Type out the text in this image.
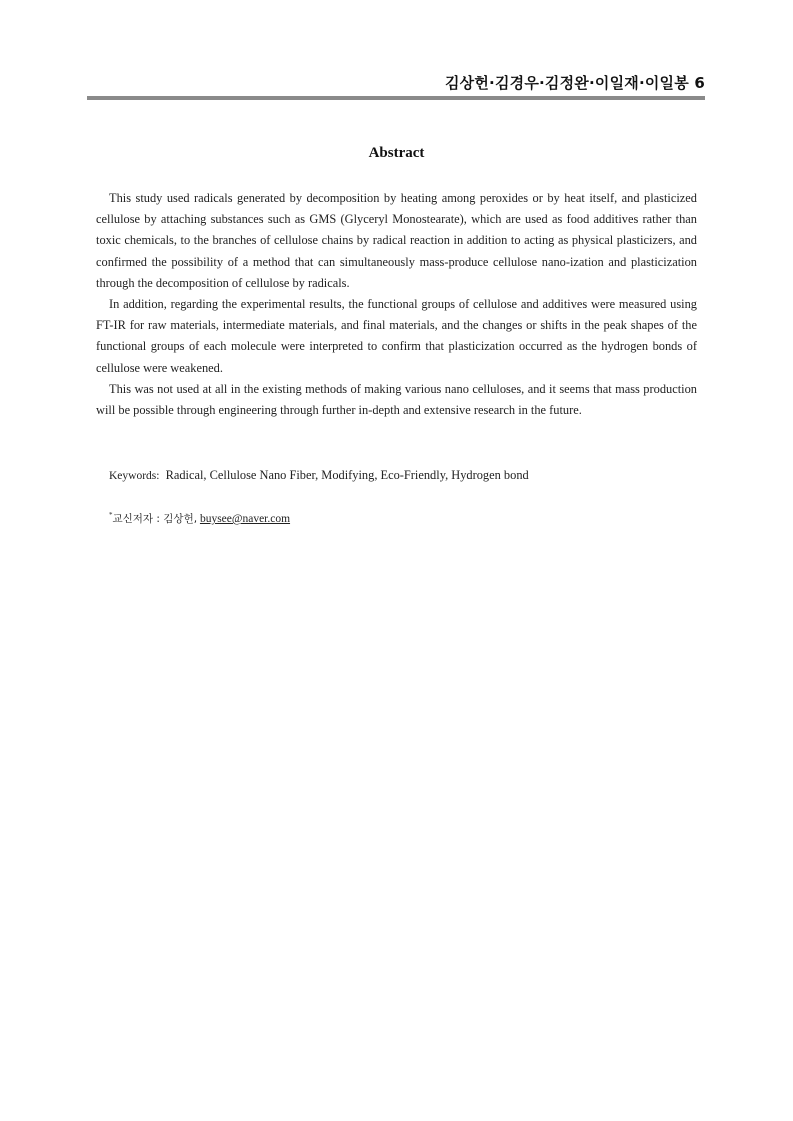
김상헌·김경우·김정완·이일재·이일봉 6
Abstract

This study used radicals generated by decomposition by heating among peroxides or by heat itself, and plasticized cellulose by attaching substances such as GMS (Glyceryl Monostearate), which are used as food additives rather than toxic chemicals, to the branches of cellulose chains by radical reaction in addition to acting as physical plasticizers, and confirmed the possibility of a method that can simultaneously mass-produce cellulose nano-ization and plasticization through the decomposition of cellulose by radicals.

In addition, regarding the experimental results, the functional groups of cellulose and additives were measured using FT-IR for raw materials, intermediate materials, and final materials, and the changes or shifts in the peak shapes of the functional groups of each molecule were interpreted to confirm that plasticization occurred as the hydrogen bonds of cellulose were weakened.

This was not used at all in the existing methods of making various nano celluloses, and it seems that mass production will be possible through engineering through further in-depth and extensive research in the future.

Keywords: Radical, Cellulose Nano Fiber, Modifying, Eco-Friendly, Hydrogen bond
*교신저자 : 김상헌, buysee@naver.com
